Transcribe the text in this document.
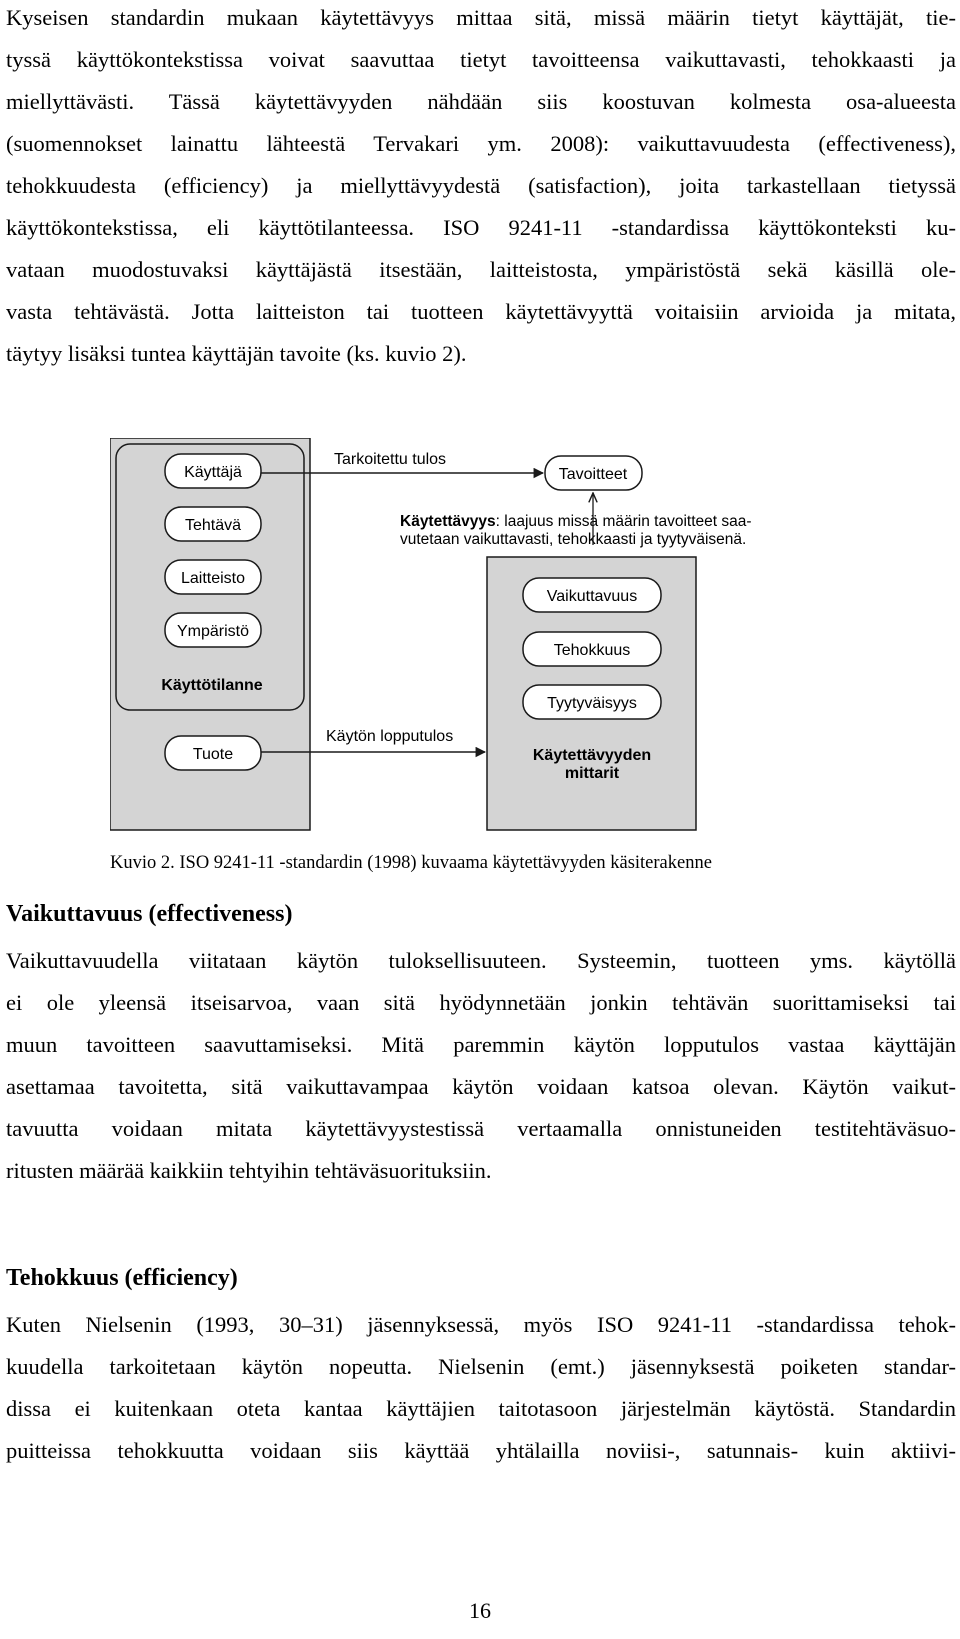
Kyseisen standardin mukaan käytettävyys mittaa sitä, missä määrin tietyt käyttäjät, tie-
tyssä käyttökontekstissa voivat saavuttaa tietyt tavoitteensa vaikuttavasti, tehokkaasti ja
miellyttävästi. Tässä käytettävyyden nähdään siis koostuvan kolmesta osa-alueesta
(suomennokset lainattu lähteestä Tervakari ym. 2008): vaikuttavuudesta (effectiveness),
tehokkuudesta (efficiency) ja miellyttävyydestä (satisfaction), joita tarkastellaan tietyssä
käyttökontekstissa, eli käyttötilanteessa. ISO 9241-11 -standardissa käyttökonteksti ku-
vataan muodostuvaksi käyttäjästä itsestään, laitteistosta, ympäristöstä sekä käsillä ole-
vasta tehtävästä. Jotta laitteiston tai tuotteen käytettävyyttä voitaisiin arvioida ja mitata,
täytyy lisäksi tuntea käyttäjän tavoite (ks. kuvio 2).
Käyttäjä
Tehtävä
Laitteisto
Ympäristö
Käyttötilanne
Tuote
Tavoitteet
Tarkoitettu tulos
Käytettävyys: laajuus missä määrin tavoitteet saa-
vutetaan vaikuttavasti, tehokkaasti ja tyytyväisenä.
Vaikuttavuus
Tehokkuus
Tyytyväisyys
Käytettävyyden
mittarit
Käytön lopputulos

Kuvio 2. ISO 9241-11 -standardin (1998) kuvaama käytettävyyden käsiterakenne

Vaikuttavuus (effectiveness)
Vaikuttavuudella viitataan käytön tuloksellisuuteen. Systeemin, tuotteen yms. käytöllä
ei ole yleensä itseisarvoa, vaan sitä hyödynnetään jonkin tehtävän suorittamiseksi tai
muun tavoitteen saavuttamiseksi. Mitä paremmin käytön lopputulos vastaa käyttäjän
asettamaa tavoitetta, sitä vaikuttavampaa käytön voidaan katsoa olevan. Käytön vaikut-
tavuutta voidaan mitata käytettävyystestissä vertaamalla onnistuneiden testitehtäväsuo-
ritusten määrää kaikkiin tehtyihin tehtäväsuorituksiin.
Tehokkuus (efficiency)
Kuten Nielsenin (1993, 30–31) jäsennyksessä, myös ISO 9241-11 -standardissa tehok-
kuudella tarkoitetaan käytön nopeutta. Nielsenin (emt.) jäsennyksestä poiketen standar-
dissa ei kuitenkaan oteta kantaa käyttäjien taitotasoon järjestelmän käytöstä. Standardin
puitteissa tehokkuutta voidaan siis käyttää yhtälailla noviisi-, satunnais- kuin aktiivi-
16
